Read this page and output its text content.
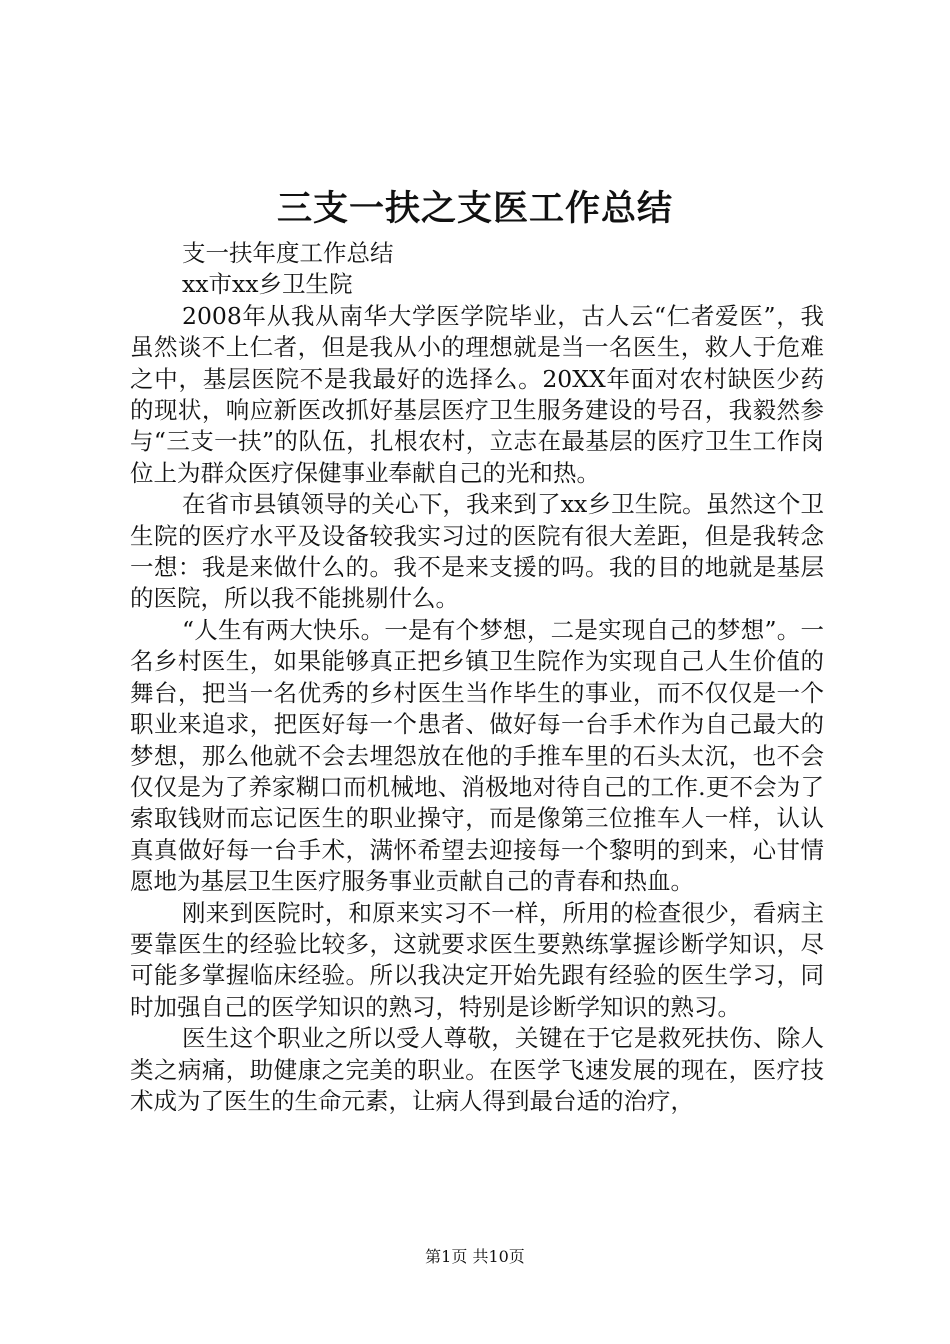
三支一扶之支医工作总结

支一扶年度工作总结

xx市xx乡卫生院

2008年从我从南华大学医学院毕业，古人云“仁者爱医”，我虽然谈不上仁者，但是我从小的理想就是当一名医生，救人于危难之中，基层医院不是我最好的选择么。20XX年面对农村缺医少药的现状，响应新医改抓好基层医疗卫生服务建设的号召，我毅然参与“三支一扶”的队伍，扎根农村，立志在最基层的医疗卫生工作岗位上为群众医疗保健事业奉献自己的光和热。

在省市县镇领导的关心下，我来到了xx乡卫生院。虽然这个卫生院的医疗水平及设备较我实习过的医院有很大差距，但是我转念一想：我是来做什么的。我不是来支援的吗。我的目的地就是基层的医院，所以我不能挑剔什么。

“人生有两大快乐。一是有个梦想，二是实现自己的梦想”。一名乡村医生，如果能够真正把乡镇卫生院作为实现自己人生价值的舞台，把当一名优秀的乡村医生当作毕生的事业，而不仅仅是一个职业来追求，把医好每一个患者、做好每一台手术作为自己最大的梦想，那么他就不会去埋怨放在他的手推车里的石头太沉，也不会仅仅是为了养家糊口而机械地、消极地对待自己的工作.更不会为了索取钱财而忘记医生的职业操守，而是像第三位推车人一样，认认真真做好每一台手术，满怀希望去迎接每一个黎明的到来，心甘情愿地为基层卫生医疗服务事业贡献自己的青春和热血。

刚来到医院时，和原来实习不一样，所用的检查很少，看病主要靠医生的经验比较多，这就要求医生要熟练掌握诊断学知识，尽可能多掌握临床经验。所以我决定开始先跟有经验的医生学习，同时加强自己的医学知识的熟习，特别是诊断学知识的熟习。

医生这个职业之所以受人尊敬，关键在于它是救死扶伤、除人类之病痛，助健康之完美的职业。在医学飞速发展的现在，医疗技术成为了医生的生命元素，让病人得到最台适的治疗，

第1页 共10页
